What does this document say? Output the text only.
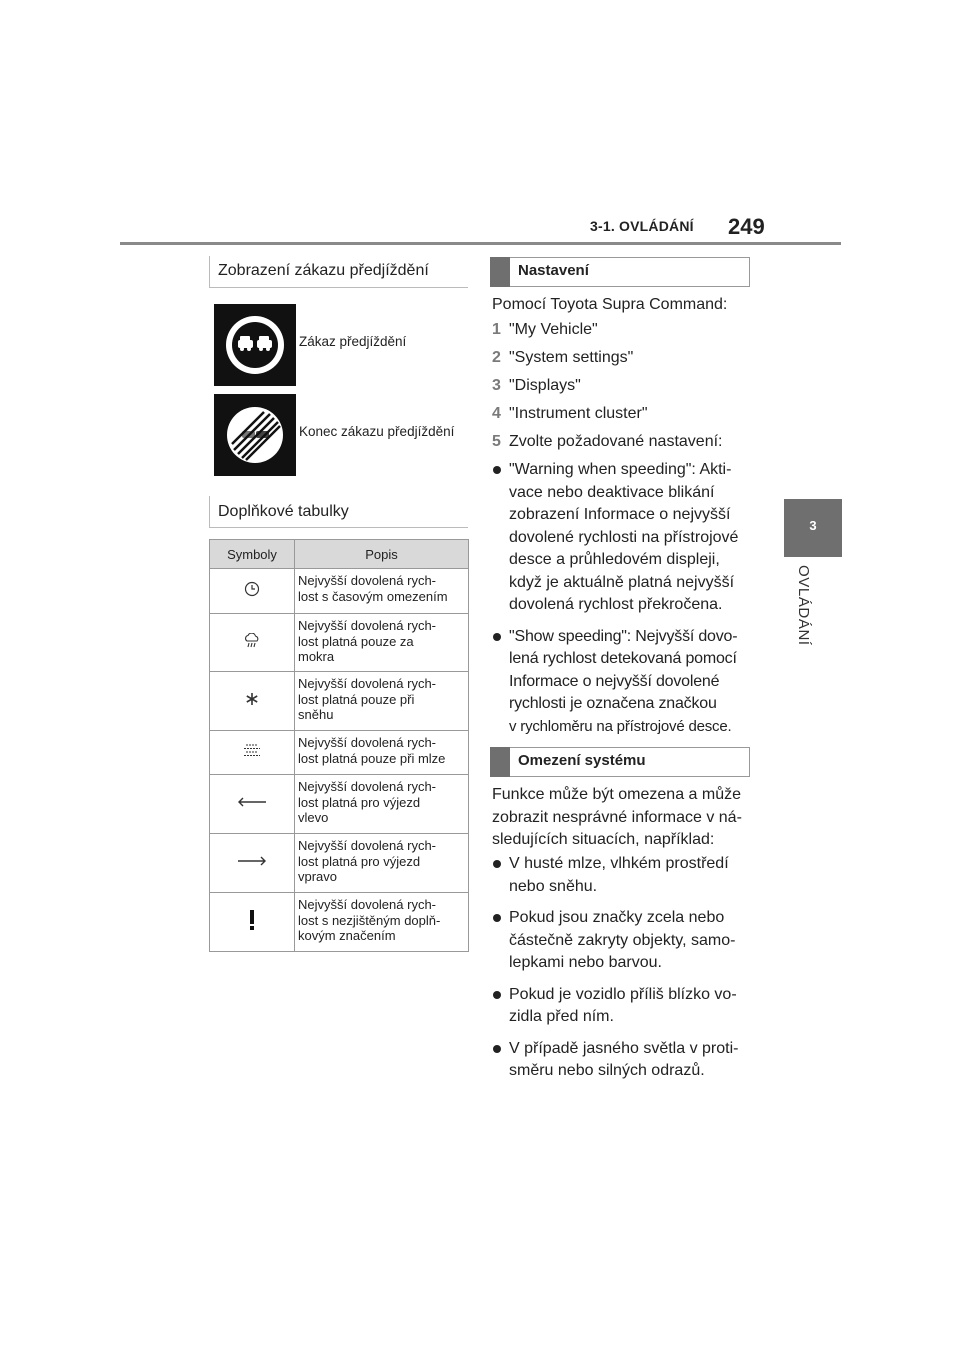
3-1. OVLÁDÁNÍ 249
3
OVLÁDÁNÍ
Zobrazení zákazu předjíždění
Zákaz předjíždění
Konec zákazu předjíždění
Doplňkové tabulky
Symboly	Popis

Nejvyšší dovolená rych-
lost s časovým omezením

Nejvyšší dovolená rych-
lost platná pouze za
mokra

Nejvyšší dovolená rych-
lost platná pouze při
sněhu

Nejvyšší dovolená rych-
lost platná pouze při mlze

Nejvyšší dovolená rych-
lost platná pro výjezd
vlevo

Nejvyšší dovolená rych-
lost platná pro výjezd
vpravo

Nejvyšší dovolená rych-
lost s nezjištěným doplň-
kovým značením
Nastavení
Pomocí Toyota Supra Command:
1 "My Vehicle"
2 "System settings"
3 "Displays"
4 "Instrument cluster"
5 Zvolte požadované nastavení:
"Warning when speeding": Akti-
vace nebo deaktivace blikání
zobrazení Informace o nejvyšší
dovolené rychlosti na přístrojové
desce a průhledovém displeji,
když je aktuálně platná nejvyšší
dovolená rychlost překročena.
"Show speeding": Nejvyšší dovo-
lená rychlost detekovaná pomocí
Informace o nejvyšší dovolené
rychlosti je označena značkou
v rychloměru na přístrojové desce.
Omezení systému
Funkce může být omezena a může
zobrazit nesprávné informace v ná-
sledujících situacích, například:
V husté mlze, vlhkém prostředí
nebo sněhu.
Pokud jsou značky zcela nebo
částečně zakryty objekty, samo-
lepkami nebo barvou.
Pokud je vozidlo příliš blízko vo-
zidla před ním.
V případě jasného světla v proti-
směru nebo silných odrazů.
